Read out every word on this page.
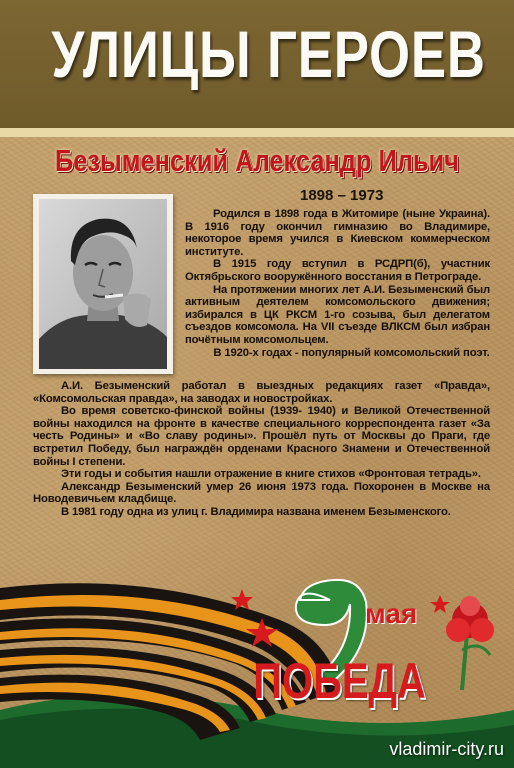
УЛИЦЫ ГЕРОЕВ
Безыменский Александр Ильич
1898 – 1973

Родился в 1898 года в Житомире (ныне Украина). В 1916 году окончил гимназию во Владимире, некоторое время учился в Киевском коммерческом институте.

В 1915 году вступил в РСДРП(б), участник Октябрьского вооружённого восстания в Петрограде.

На протяжении многих лет А.И. Безыменский был активным деятелем комсомольского движения; избирался в ЦК РКСМ 1-го созыва, был делегатом съездов комсомола. На VII съезде ВЛКСМ был избран почётным комсомольцем.

В 1920-х годах - популярный комсомольский поэт.

А.И. Безыменский работал в выездных редакциях газет «Правда», «Комсомольская правда», на заводах и новостройках.

Во время советско-финской войны (1939- 1940) и Великой Отечественной войны находился на фронте в качестве специального корреспондента газет «За честь Родины» и «Во славу родины». Прошёл путь от Москвы до Праги, где встретил Победу, был награждён орденами Красного Знамени и Отечественной войны I степени.

Эти годы и события нашли отражение в книге стихов «Фронтовая тетрадь».

Александр Безыменский умер 26 июня 1973 года. Похоронен в Москве на Новодевичьем кладбище.

В 1981 году одна из улиц г. Владимира названа именем Безыменского.

мая
ПОБЕДА
vladimir-city.ru
